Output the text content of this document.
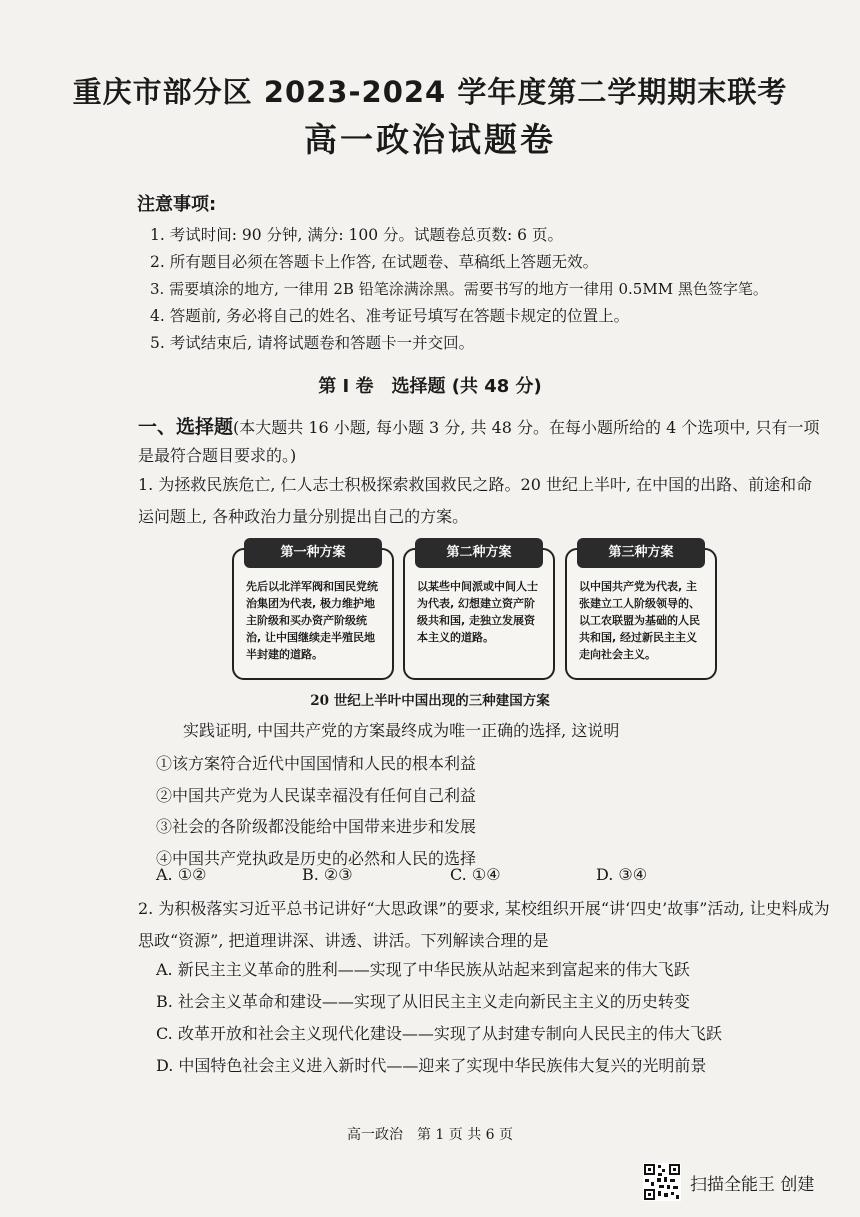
重庆市部分区 2023-2024 学年度第二学期期末联考
高一政治试题卷
注意事项:
1. 考试时间: 90 分钟, 满分: 100 分。试题卷总页数: 6 页。
2. 所有题目必须在答题卡上作答, 在试题卷、草稿纸上答题无效。
3. 需要填涂的地方, 一律用 2B 铅笔涂满涂黑。需要书写的地方一律用 0.5MM 黑色签字笔。
4. 答题前, 务必将自己的姓名、准考证号填写在答题卡规定的位置上。
5. 考试结束后, 请将试题卷和答题卡一并交回。
第 I 卷　选择题 (共 48 分)
一、选择题(本大题共 16 小题, 每小题 3 分, 共 48 分。在每小题所给的 4 个选项中, 只有一项是最符合题目要求的。)
1. 为拯救民族危亡, 仁人志士积极探索救国救民之路。20 世纪上半叶, 在中国的出路、前途和命运问题上, 各种政治力量分别提出自己的方案。
第一种方案
先后以北洋军阀和国民党统治集团为代表, 极力维护地主阶级和买办资产阶级统治, 让中国继续走半殖民地半封建的道路。
第二种方案
以某些中间派或中间人士为代表, 幻想建立资产阶级共和国, 走独立发展资本主义的道路。
第三种方案
以中国共产党为代表, 主张建立工人阶级领导的、以工农联盟为基础的人民共和国, 经过新民主主义走向社会主义。
20 世纪上半叶中国出现的三种建国方案
实践证明, 中国共产党的方案最终成为唯一正确的选择, 这说明
①该方案符合近代中国国情和人民的根本利益
②中国共产党为人民谋幸福没有任何自己利益
③社会的各阶级都没能给中国带来进步和发展
④中国共产党执政是历史的必然和人民的选择
A. ①②	B. ②③	C. ①④	D. ③④
2. 为积极落实习近平总书记讲好“大思政课”的要求, 某校组织开展“讲‘四史’故事”活动, 让史料成为思政“资源”, 把道理讲深、讲透、讲活。下列解读合理的是
A. 新民主主义革命的胜利——实现了中华民族从站起来到富起来的伟大飞跃
B. 社会主义革命和建设——实现了从旧民主主义走向新民主主义的历史转变
C. 改革开放和社会主义现代化建设——实现了从封建专制向人民民主的伟大飞跃
D. 中国特色社会主义进入新时代——迎来了实现中华民族伟大复兴的光明前景
高一政治　第 1 页 共 6 页
扫描全能王 创建
